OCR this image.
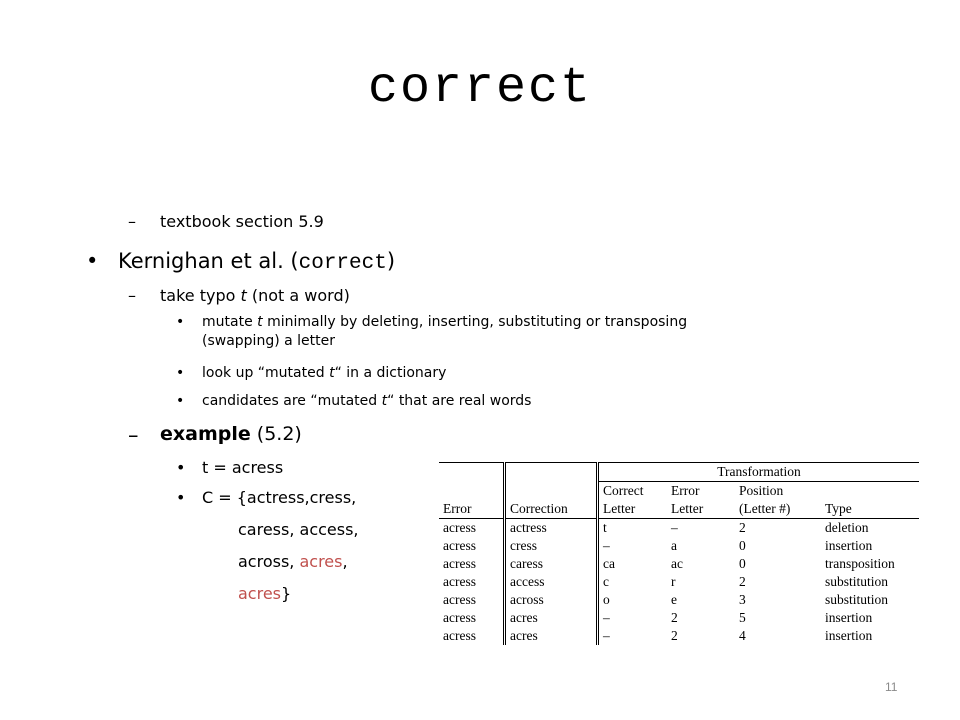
correct
– textbook section 5.9
• Kernighan et al. (correct)
– take typo t (not a word)
• mutate t minimally by deleting, inserting, substituting or transposing
(swapping) a letter
• look up “mutated t“ in a dictionary
• candidates are “mutated t“ that are real words
– example (5.2)
• t = acress
• C = {actress,cress,
caress, access,
across, acres,
acres}
		Transformation			
		Correct	Error	Position	
Error	Correction	Letter	Letter	(Letter #)	Type
acress	actress	t	–	2	deletion
acress	cress	–	a	0	insertion
acress	caress	ca	ac	0	transposition
acress	access	c	r	2	substitution
acress	across	o	e	3	substitution
acress	acres	–	2	5	insertion
acress	acres	–	2	4	insertion
11
